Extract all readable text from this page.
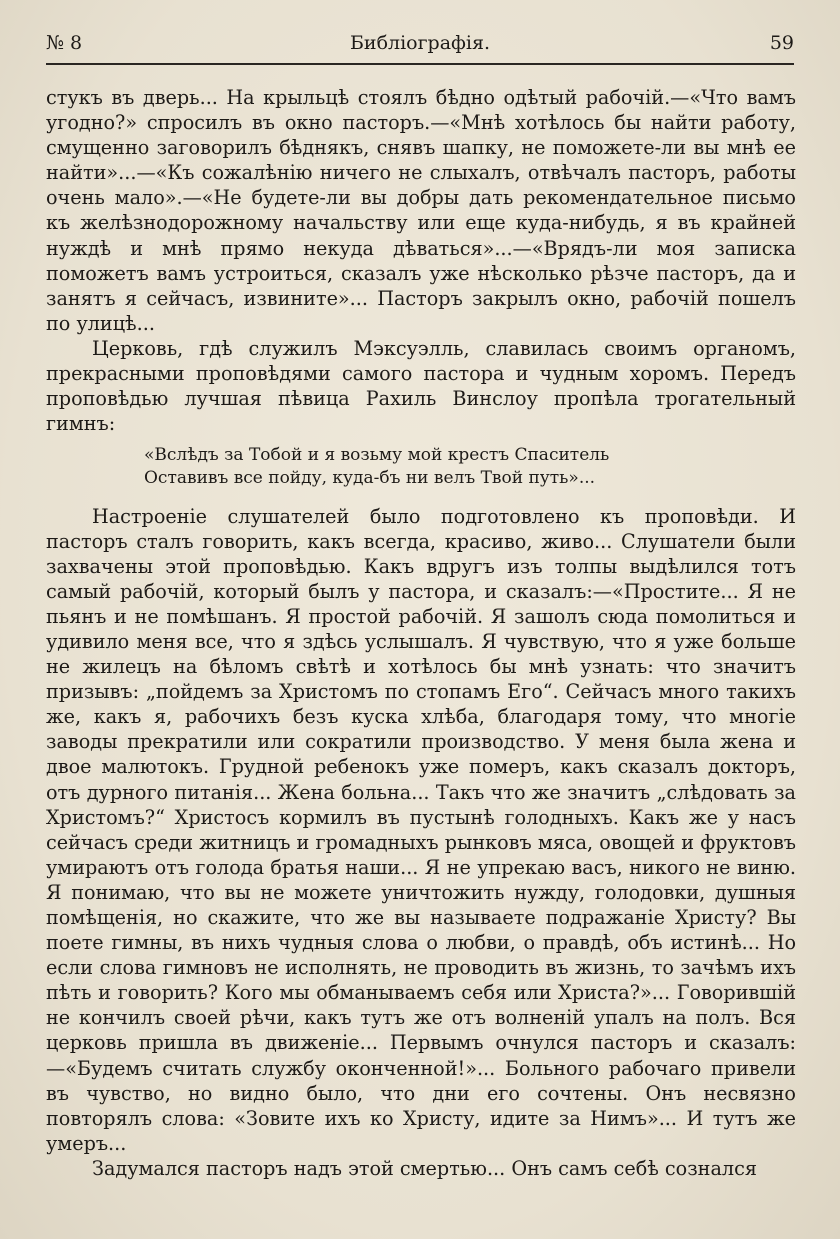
№ 8	Библіографія.	59

стукъ въ дверь... На крыльцѣ стоялъ бѣдно одѣтый рабочій.—«Что вамъ угодно?» спросилъ въ окно пасторъ.—«Мнѣ хотѣлось бы найти работу, смущенно заговорилъ бѣднякъ, снявъ шапку, не поможете-ли вы мнѣ ее найти»...—«Къ сожалѣнію ничего не слыхалъ, отвѣчалъ пасторъ, работы очень мало».—«Не будете-ли вы добры дать рекомендательное письмо къ желѣзнодорожному начальству или еще куда-нибудь, я въ крайней нуждѣ и мнѣ прямо некуда дѣваться»...—«Врядъ-ли моя записка поможетъ вамъ устроиться, сказалъ уже нѣсколько рѣзче пасторъ, да и занятъ я сейчасъ, извините»... Пасторъ закрылъ окно, рабочій пошелъ по улицѣ...

Церковь, гдѣ служилъ Мэксуэлль, славилась своимъ органомъ, прекрасными проповѣдями самого пастора и чудным хоромъ. Передъ проповѣдью лучшая пѣвица Рахиль Винслоу пропѣла трогательный гимнъ:

«Вслѣдъ за Тобой и я возьму мой крестъ Спаситель
Оставивъ все пойду, куда-бъ ни велъ Твой путь»...

Настроеніе слушателей было подготовлено къ проповѣди. И пасторъ сталъ говорить, какъ всегда, красиво, живо... Слушатели были захвачены этой проповѣдью. Какъ вдругъ изъ толпы выдѣлился тотъ самый рабочій, который былъ у пастора, и сказалъ:—«Простите... Я не пьянъ и не помѣшанъ. Я простой рабочій. Я зашолъ сюда помолиться и удивило меня все, что я здѣсь услышалъ. Я чувствую, что я уже больше не жилецъ на бѣломъ свѣтѣ и хотѣлось бы мнѣ узнать: что значитъ призывъ: „пойдемъ за Христомъ по стопамъ Его“. Сейчасъ много такихъ же, какъ я, рабочихъ безъ куска хлѣба, благодаря тому, что многіе заводы прекратили или сократили производство. У меня была жена и двое малютокъ. Грудной ребенокъ уже померъ, какъ сказалъ докторъ, отъ дурного питанія... Жена больна... Такъ что же значитъ „слѣдовать за Христомъ?“ Христосъ кормилъ въ пустынѣ голодныхъ. Какъ же у насъ сейчасъ среди житницъ и громадныхъ рынковъ мяса, овощей и фруктовъ умираютъ отъ голода братья наши... Я не упрекаю васъ, никого не виню. Я понимаю, что вы не можете уничтожить нужду, голодовки, душныя помѣщенія, но скажите, что же вы называете подражаніе Христу? Вы поете гимны, въ нихъ чудныя слова о любви, о правдѣ, объ истинѣ... Но если слова гимновъ не исполнять, не проводить въ жизнь, то зачѣмъ ихъ пѣть и говорить? Кого мы обманываемъ себя или Христа?»... Говорившій не кончилъ своей рѣчи, какъ тутъ же отъ волненій упалъ на полъ. Вся церковь пришла въ движеніе... Первымъ очнулся пасторъ и сказалъ:—«Будемъ считать службу оконченной!»... Больного рабочаго привели въ чувство, но видно было, что дни его сочтены. Онъ несвязно повторялъ слова: «Зовите ихъ ко Христу, идите за Нимъ»... И тутъ же умеръ...

Задумался пасторъ надъ этой смертью... Онъ самъ себѣ сознался
